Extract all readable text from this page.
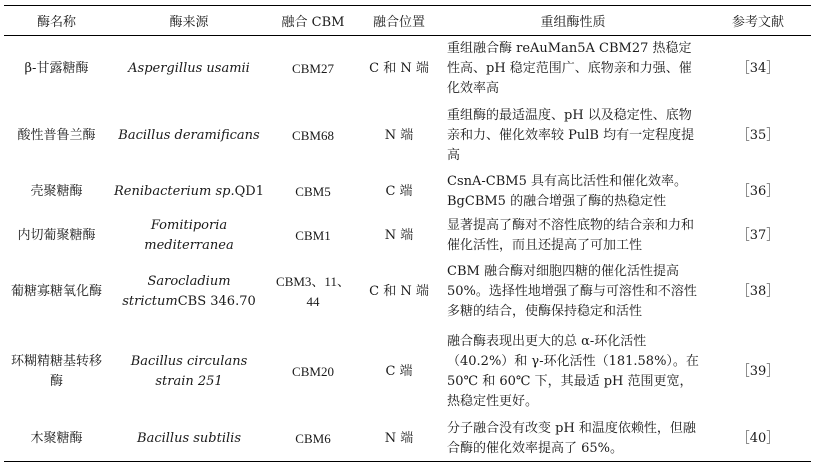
酶名称	酶来源	融合 CBM	融合位置	重组酶性质	参考文献
β-甘露糖酶	Aspergillus usamii	CBM27	C 和 N 端	重组融合酶 reAuMan5A CBM27 热稳定性高、pH 稳定范围广、底物亲和力强、催化效率高	［34］
酸性普鲁兰酶	Bacillus deramificans	CBM68	N 端	重组酶的最适温度、pH 以及稳定性、底物亲和力、催化效率较 PulB 均有一定程度提高	［35］
壳聚糖酶	Renibacterium sp.QD1	CBM5	C 端	CsnA-CBM5 具有高比活性和催化效率。BgCBM5 的融合增强了酶的热稳定性	［36］
内切葡聚糖酶	Fomitiporia mediterranea	CBM1	N 端	显著提高了酶对不溶性底物的结合亲和力和催化活性，而且还提高了可加工性	［37］
葡糖寡糖氧化酶	Sarocladium strictumCBS 346.70	CBM3、11、44	C 和 N 端	CBM 融合酶对细胞四糖的催化活性提高 50%。选择性地增强了酶与可溶性和不溶性多糖的结合，使酶保持稳定和活性	［38］
环糊精糖基转移酶	Bacillus circulans strain 251	CBM20	C 端	融合酶表现出更大的总 α-环化活性（40.2%）和 γ-环化活性（181.58%）。在 50℃ 和 60℃ 下，其最适 pH 范围更宽，热稳定性更好。	［39］
木聚糖酶	Bacillus subtilis	CBM6	N 端	分子融合没有改变 pH 和温度依赖性，但融合酶的催化效率提高了 65%。	［40］
